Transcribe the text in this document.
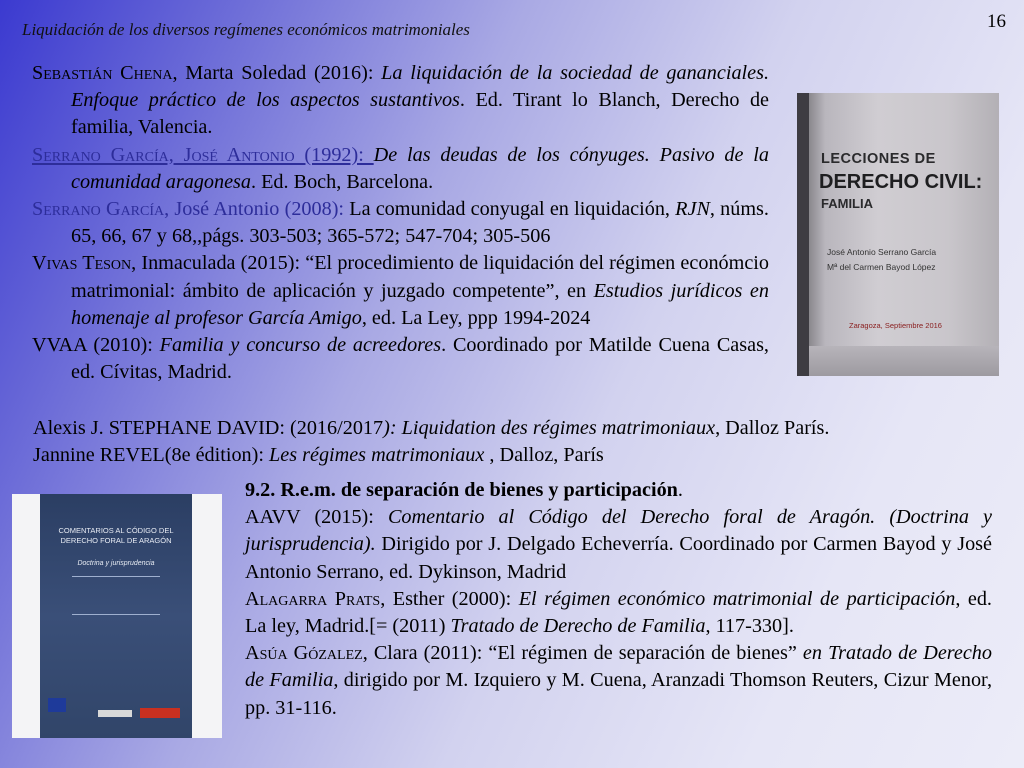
Liquidación de los diversos regímenes económicos matrimoniales	16

Sebastián Chena, Marta Soledad (2016): La liquidación de la sociedad de gananciales. Enfoque práctico de los aspectos sustantivos. Ed. Tirant lo Blanch, Derecho de familia, Valencia.

Serrano García, José Antonio (1992): De las deudas de los cónyuges. Pasivo de la comunidad aragonesa. Ed. Boch, Barcelona.

Serrano García, José Antonio (2008): La comunidad conyugal en liquidación, RJN, núms. 65, 66, 67 y 68,,págs. 303-503; 365-572; 547-704; 305-506

Vivas Teson, Inmaculada (2015): “El procedimiento de liquidación del régimen económcio matrimonial: ámbito de aplicación y juzgado competente”, en Estudios jurídicos en homenaje al profesor García Amigo, ed. La Ley, ppp 1994-2024

VVAA (2010): Familia y concurso de acreedores. Coordinado por Matilde Cuena Casas, ed. Cívitas, Madrid.

Alexis J. STEPHANE DAVID: (2016/2017): Liquidation des régimes matrimoniaux, Dalloz París.

Jannine REVEL(8e édition): Les régimes matrimoniaux , Dalloz, París

9.2. R.e.m. de separación de bienes y participación.

AAVV (2015): Comentario al Código del Derecho foral de Aragón. (Doctrina y jurisprudencia). Dirigido por J. Delgado Echeverría. Coordinado por Carmen Bayod y José Antonio Serrano, ed. Dykinson, Madrid

Alagarra Prats, Esther (2000): El régimen económico matrimonial de participación, ed. La ley, Madrid.[= (2011) Tratado de Derecho de Familia, 117-330].

Asúa Gózalez, Clara (2011): “El régimen de separación de bienes” en Tratado de Derecho de Familia, dirigido por M. Izquiero y M. Cuena, Aranzadi Thomson Reuters, Cizur Menor, pp. 31-116.

LECCIONES DE
DERECHO CIVIL:
FAMILIA
José Antonio Serrano García
Mª del Carmen Bayod López
Zaragoza, Septiembre 2016
COMENTARIOS AL CÓDIGO DEL DERECHO FORAL DE ARAGÓN
Doctrina y jurisprudencia
